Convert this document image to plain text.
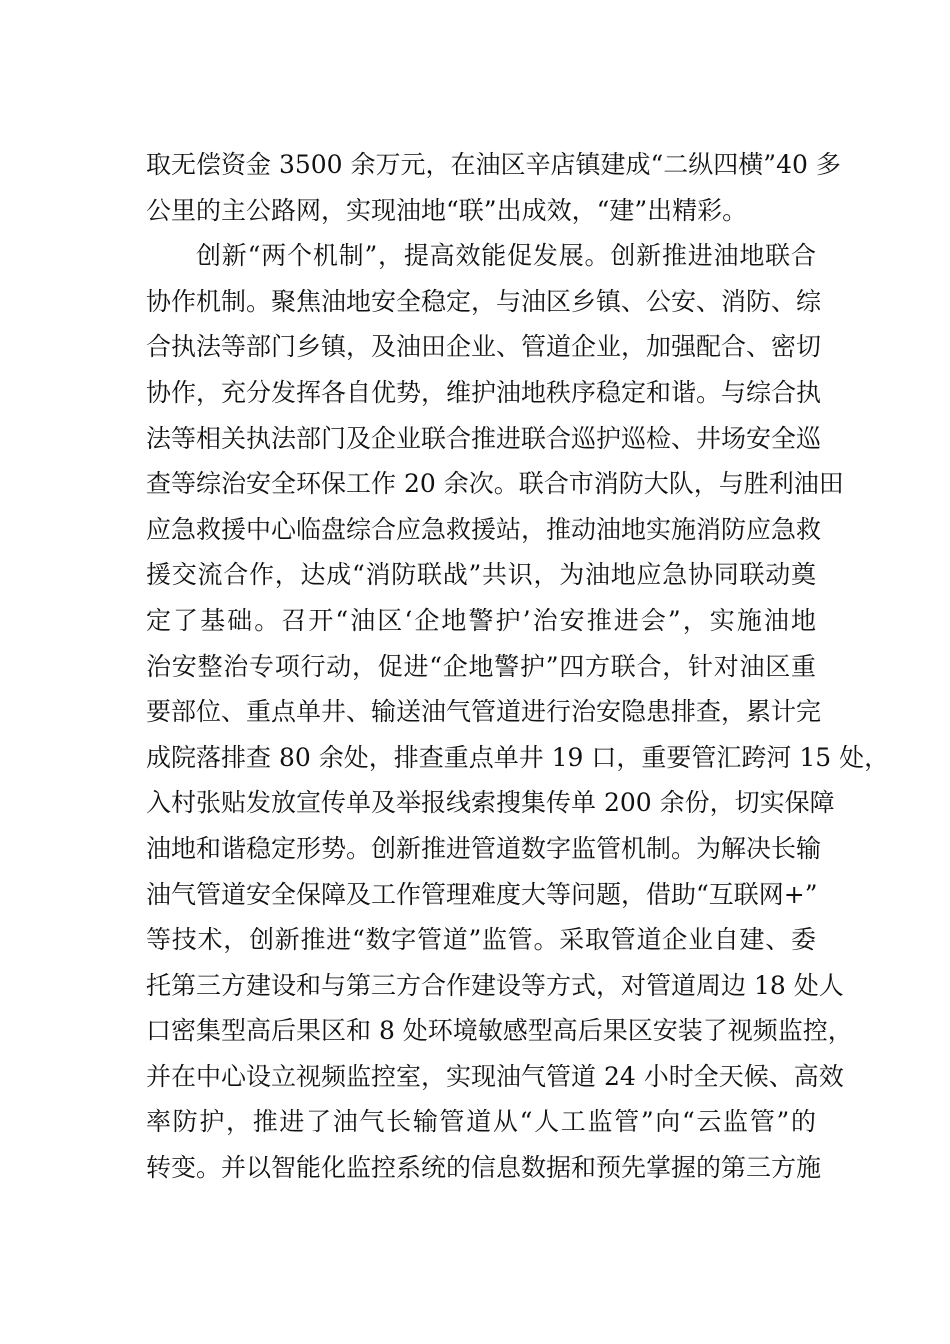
取无偿资金 3500 余万元，在油区辛店镇建成“二纵四横”40 多
公里的主公路网，实现油地“联”出成效，“建”出精彩。
创新“两个机制”，提高效能促发展。创新推进油地联合
协作机制。聚焦油地安全稳定，与油区乡镇、公安、消防、综
合执法等部门乡镇，及油田企业、管道企业，加强配合、密切
协作，充分发挥各自优势，维护油地秩序稳定和谐。与综合执
法等相关执法部门及企业联合推进联合巡护巡检、井场安全巡
查等综治安全环保工作 20 余次。联合市消防大队，与胜利油田
应急救援中心临盘综合应急救援站，推动油地实施消防应急救
援交流合作，达成“消防联战”共识，为油地应急协同联动奠
定了基础。召开“油区‘企地警护’治安推进会”，实施油地
治安整治专项行动，促进“企地警护”四方联合，针对油区重
要部位、重点单井、输送油气管道进行治安隐患排查，累计完
成院落排查 80 余处，排查重点单井 19 口，重要管汇跨河 15 处，
入村张贴发放宣传单及举报线索搜集传单 200 余份，切实保障
油地和谐稳定形势。创新推进管道数字监管机制。为解决长输
油气管道安全保障及工作管理难度大等问题，借助“互联网+”
等技术，创新推进“数字管道”监管。采取管道企业自建、委
托第三方建设和与第三方合作建设等方式，对管道周边 18 处人
口密集型高后果区和 8 处环境敏感型高后果区安装了视频监控，
并在中心设立视频监控室，实现油气管道 24 小时全天候、高效
率防护，推进了油气长输管道从“人工监管”向“云监管”的
转变。并以智能化监控系统的信息数据和预先掌握的第三方施
